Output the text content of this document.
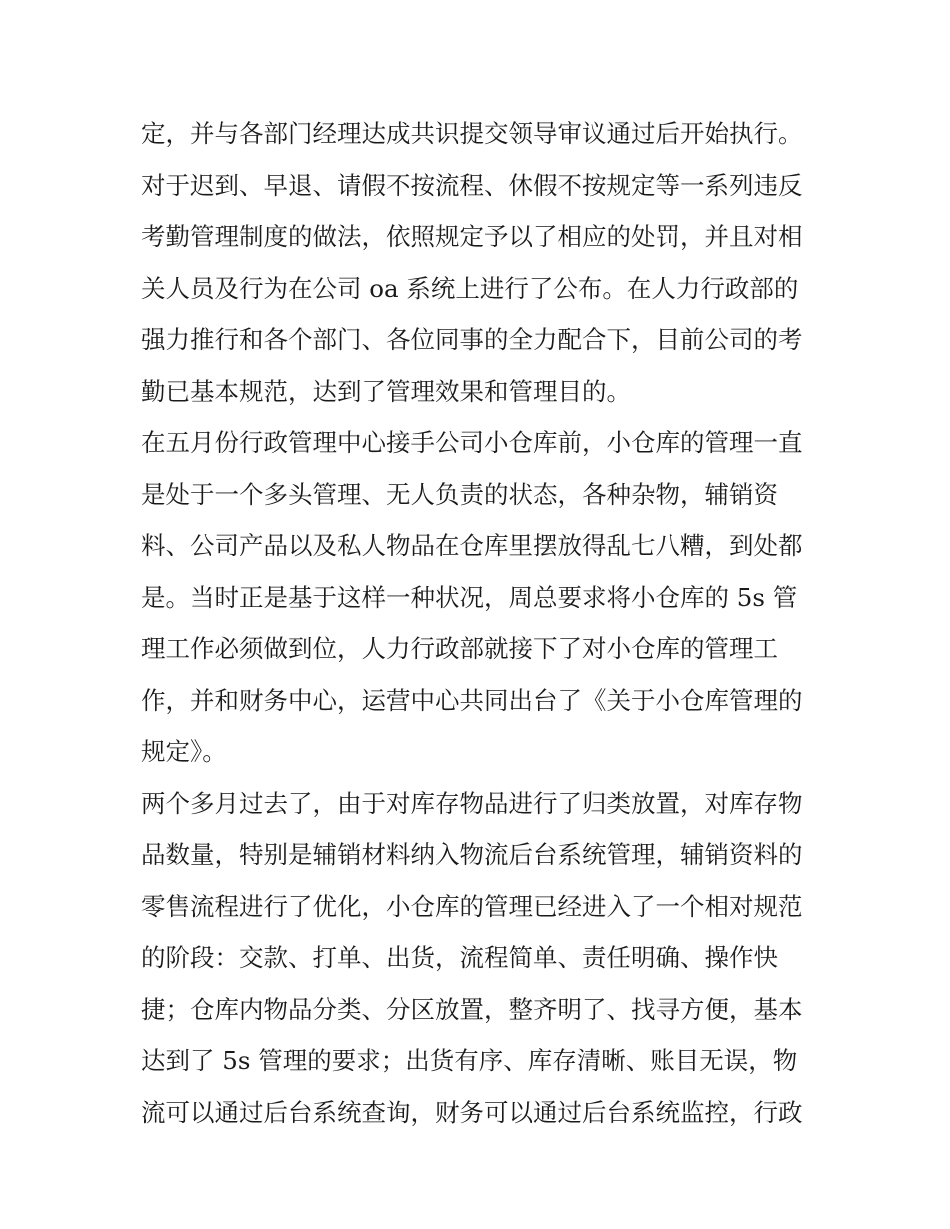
定，并与各部门经理达成共识提交领导审议通过后开始执行。
对于迟到、早退、请假不按流程、休假不按规定等一系列违反
考勤管理制度的做法，依照规定予以了相应的处罚，并且对相
关人员及行为在公司 oa 系统上进行了公布。在人力行政部的
强力推行和各个部门、各位同事的全力配合下，目前公司的考
勤已基本规范，达到了管理效果和管理目的。
在五月份行政管理中心接手公司小仓库前，小仓库的管理一直
是处于一个多头管理、无人负责的状态，各种杂物，辅销资
料、公司产品以及私人物品在仓库里摆放得乱七八糟，到处都
是。当时正是基于这样一种状况，周总要求将小仓库的 5s 管
理工作必须做到位，人力行政部就接下了对小仓库的管理工
作，并和财务中心，运营中心共同出台了《关于小仓库管理的
规定》。
两个多月过去了，由于对库存物品进行了归类放置，对库存物
品数量，特别是辅销材料纳入物流后台系统管理，辅销资料的
零售流程进行了优化，小仓库的管理已经进入了一个相对规范
的阶段：交款、打单、出货，流程简单、责任明确、操作快
捷；仓库内物品分类、分区放置，整齐明了、找寻方便，基本
达到了 5s 管理的要求；出货有序、库存清晰、账目无误，物
流可以通过后台系统查询，财务可以通过后台系统监控，行政
